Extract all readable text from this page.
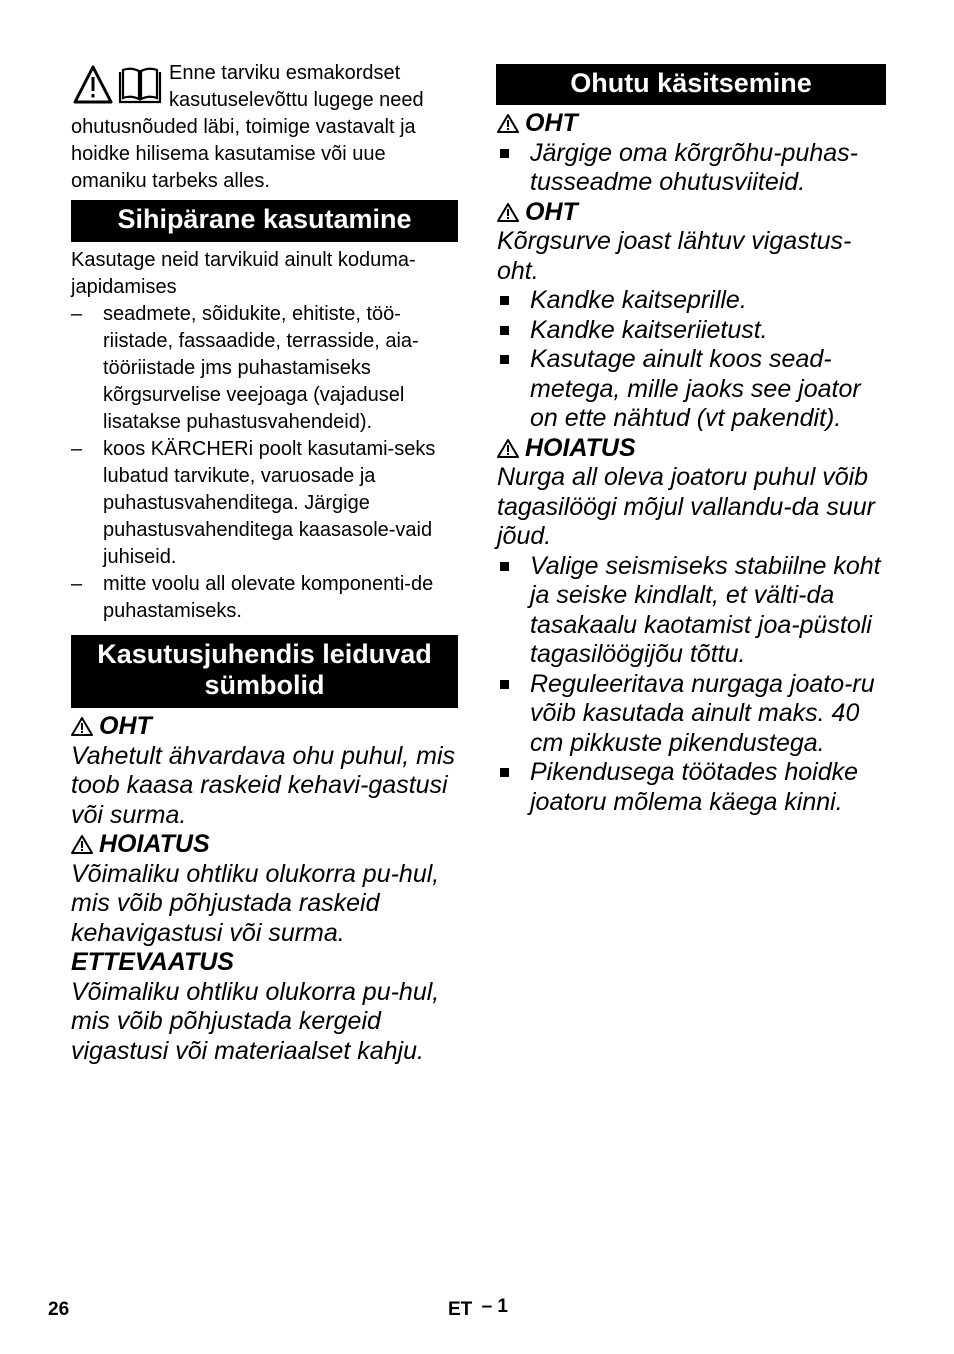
Enne tarviku esmakordset kasutuselevõttu lugege need ohutusnõuded läbi, toimige vastavalt ja hoidke hilisema kasutamise või uue omaniku tarbeks alles.

Sihipärane kasutamine

Kasutage neid tarvikuid ainult koduma-japidamises

–	seadmete, sõidukite, ehitiste, töö-riistade, fassaadide, terrasside, aia-tööriistade jms puhastamiseks kõrgsurvelise veejoaga (vajadusel lisatakse puhastusvahendeid).
–	koos KÄRCHERi poolt kasutami-seks lubatud tarvikute, varuosade ja puhastusvahenditega. Järgige puhastusvahenditega kaasasole-vaid juhiseid.
–	mitte voolu all olevate komponenti-de puhastamiseks.
Kasutusjuhendis leiduvad
sümbolid
OHT
Vahetult ähvardava ohu puhul, mis toob kaasa raskeid kehavi-gastusi või surma.
HOIATUS
Võimaliku ohtliku olukorra pu-hul, mis võib põhjustada raskeid kehavigastusi või surma.
ETTEVAATUS
Võimaliku ohtliku olukorra pu-hul, mis võib põhjustada kergeid vigastusi või materiaalset kahju.
Ohutu käsitsemine
OHT
Järgige oma kõrgrõhu-puhas-tusseadme ohutusviiteid.
OHT
Kõrgsurve joast lähtuv vigastus-oht.
Kandke kaitseprille.
Kandke kaitseriietust.
Kasutage ainult koos sead-metega, mille jaoks see joator on ette nähtud (vt pakendit).
HOIATUS
Nurga all oleva joatoru puhul võib tagasilöögi mõjul vallandu-da suur jõud.
Valige seismiseks stabiilne koht ja seiske kindlalt, et välti-da tasakaalu kaotamist joa-püstoli tagasilöögijõu tõttu.
Reguleeritava nurgaga joato-ru võib kasutada ainult maks. 40 cm pikkuste pikendustega.
Pikendusega töötades hoidke joatoru mõlema käega kinni.
26	ET – 1
